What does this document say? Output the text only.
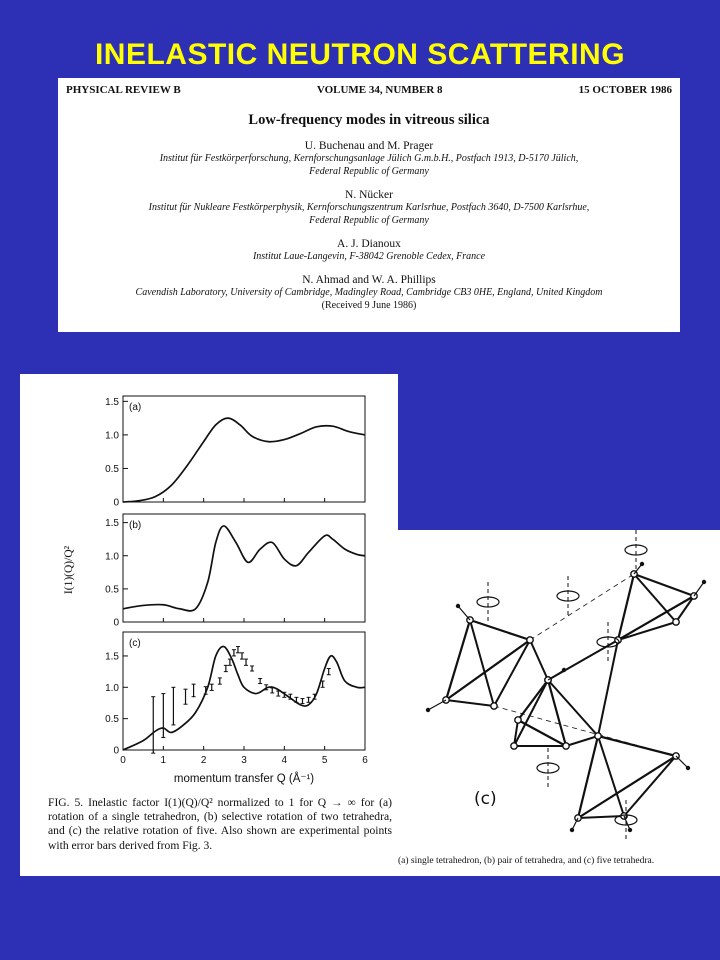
INELASTIC NEUTRON SCATTERING
PHYSICAL REVIEW B	VOLUME 34, NUMBER 8	15 OCTOBER 1986
Low-frequency modes in vitreous silica
U. Buchenau and M. Prager
Institut für Festkörperforschung, Kernforschungsanlage Jülich G.m.b.H., Postfach 1913, D-5170 Jülich,
Federal Republic of Germany
N. Nücker
Institut für Nukleare Festkörperphysik, Kernforschungszentrum Karlsrhue, Postfach 3640, D-7500 Karlsrhue,
Federal Republic of Germany
A. J. Dianoux
Institut Laue-Langevin, F-38042 Grenoble Cedex, France
N. Ahmad and W. A. Phillips
Cavendish Laboratory, University of Cambridge, Madingley Road, Cambridge CB3 0HE, England, United Kingdom
(Received 9 June 1986)
(a)
0
0.5
1.0
1.5
(b)
0
0.5
1.0
1.5
(c)
0
0.5
1.0
1.5
0	1	2	3	4	5	6
momentum transfer Q (Å⁻¹)
I(1)(Q)/Q²
FIG. 5. Inelastic factor I(1)(Q)/Q² normalized to 1 for Q → ∞ for (a) rotation of a single tetrahedron, (b) selective rotation of two tetrahedra, and (c) the relative rotation of five. Also shown are experimental points with error bars derived from Fig. 3.
(c)
(a) single tetrahedron, (b) pair of tetrahedra, and (c) five tetrahedra.
